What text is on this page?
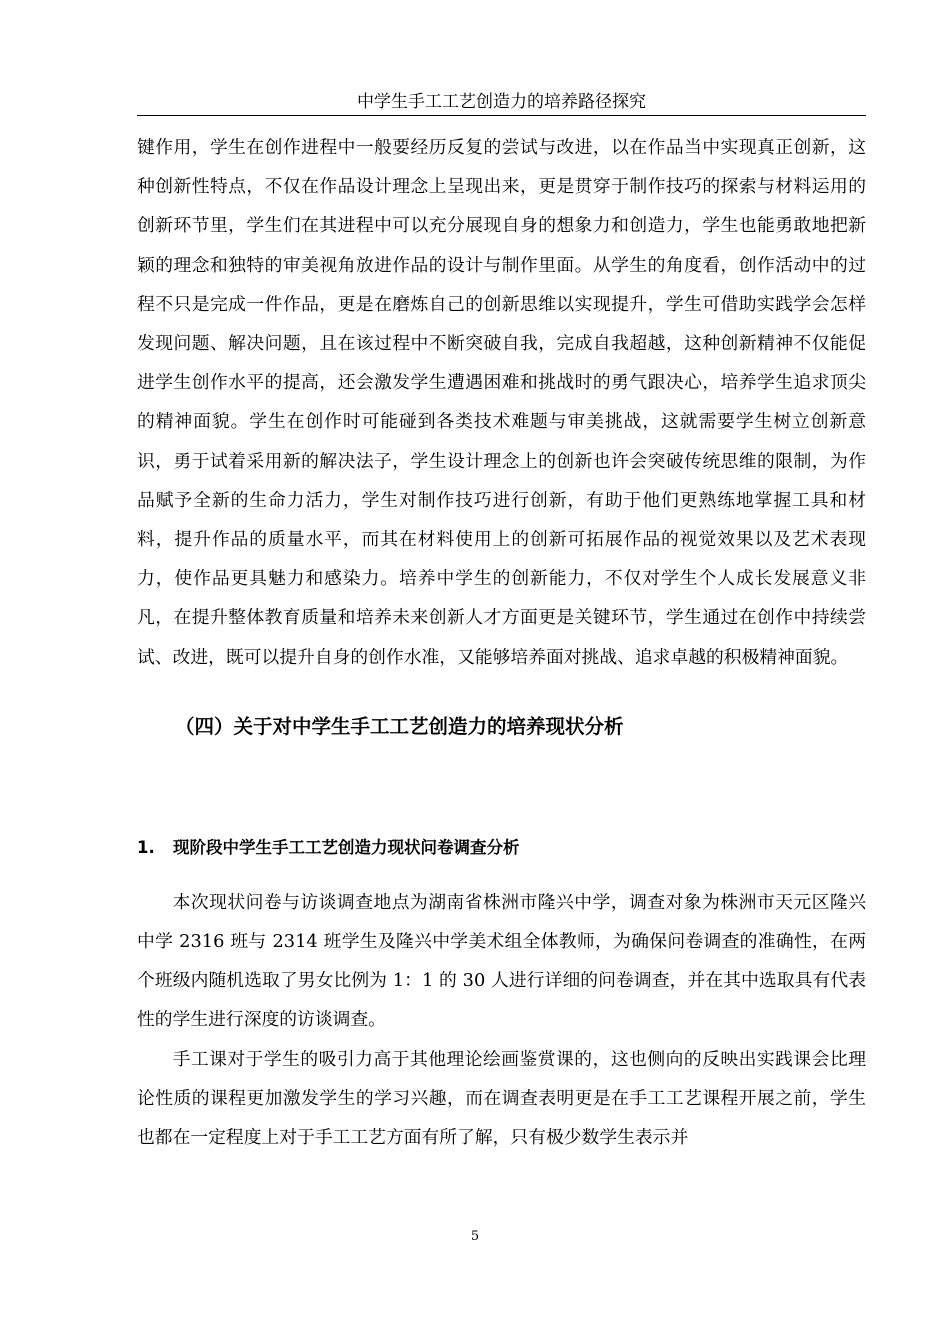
中学生手工工艺创造力的培养路径探究

键作用，学生在创作进程中一般要经历反复的尝试与改进，以在作品当中实现真正创新，这种创新性特点，不仅在作品设计理念上呈现出来，更是贯穿于制作技巧的探索与材料运用的创新环节里，学生们在其进程中可以充分展现自身的想象力和创造力，学生也能勇敢地把新颖的理念和独特的审美视角放进作品的设计与制作里面。从学生的角度看，创作活动中的过程不只是完成一件作品，更是在磨炼自己的创新思维以实现提升，学生可借助实践学会怎样发现问题、解决问题，且在该过程中不断突破自我，完成自我超越，这种创新精神不仅能促进学生创作水平的提高，还会激发学生遭遇困难和挑战时的勇气跟决心，培养学生追求顶尖的精神面貌。学生在创作时可能碰到各类技术难题与审美挑战，这就需要学生树立创新意识，勇于试着采用新的解决法子，学生设计理念上的创新也许会突破传统思维的限制，为作品赋予全新的生命力活力，学生对制作技巧进行创新，有助于他们更熟练地掌握工具和材料，提升作品的质量水平，而其在材料使用上的创新可拓展作品的视觉效果以及艺术表现力，使作品更具魅力和感染力。培养中学生的创新能力，不仅对学生个人成长发展意义非凡，在提升整体教育质量和培养未来创新人才方面更是关键环节，学生通过在创作中持续尝试、改进，既可以提升自身的创作水准，又能够培养面对挑战、追求卓越的积极精神面貌。

（四）关于对中学生手工工艺创造力的培养现状分析
1. 现阶段中学生手工工艺创造力现状问卷调查分析

本次现状问卷与访谈调查地点为湖南省株洲市隆兴中学，调查对象为株洲市天元区隆兴中学 2316 班与 2314 班学生及隆兴中学美术组全体教师，为确保问卷调查的准确性，在两个班级内随机选取了男女比例为 1：1 的 30 人进行详细的问卷调查，并在其中选取具有代表性的学生进行深度的访谈调查。

手工课对于学生的吸引力高于其他理论绘画鉴赏课的，这也侧向的反映出实践课会比理论性质的课程更加激发学生的学习兴趣，而在调查表明更是在手工工艺课程开展之前，学生也都在一定程度上对于手工工艺方面有所了解，只有极少数学生表示并

5
